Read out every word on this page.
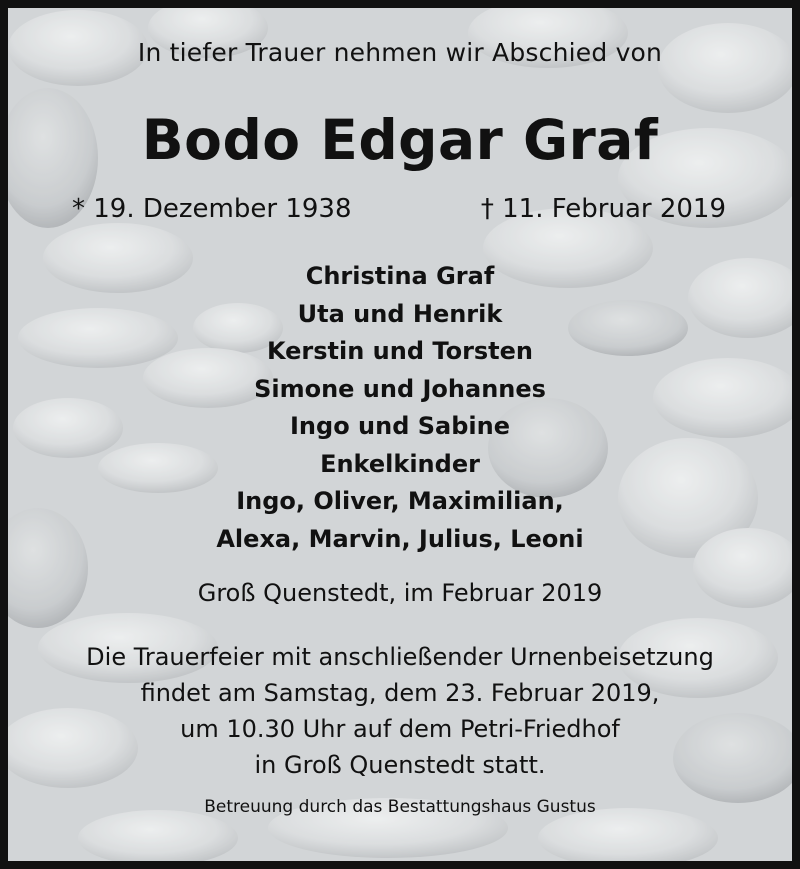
In tiefer Trauer nehmen wir Abschied von
Bodo Edgar Graf
* 19. Dezember 1938	† 11. Februar 2019
Christina Graf
Uta und Henrik
Kerstin und Torsten
Simone und Johannes
Ingo und Sabine
Enkelkinder
Ingo, Oliver, Maximilian,
Alexa, Marvin, Julius, Leoni
Groß Quenstedt, im Februar 2019
Die Trauerfeier mit anschließender Urnenbeisetzung
findet am Samstag, dem 23. Februar 2019,
um 10.30 Uhr auf dem Petri-Friedhof
in Groß Quenstedt statt.
Betreuung durch das Bestattungshaus Gustus
